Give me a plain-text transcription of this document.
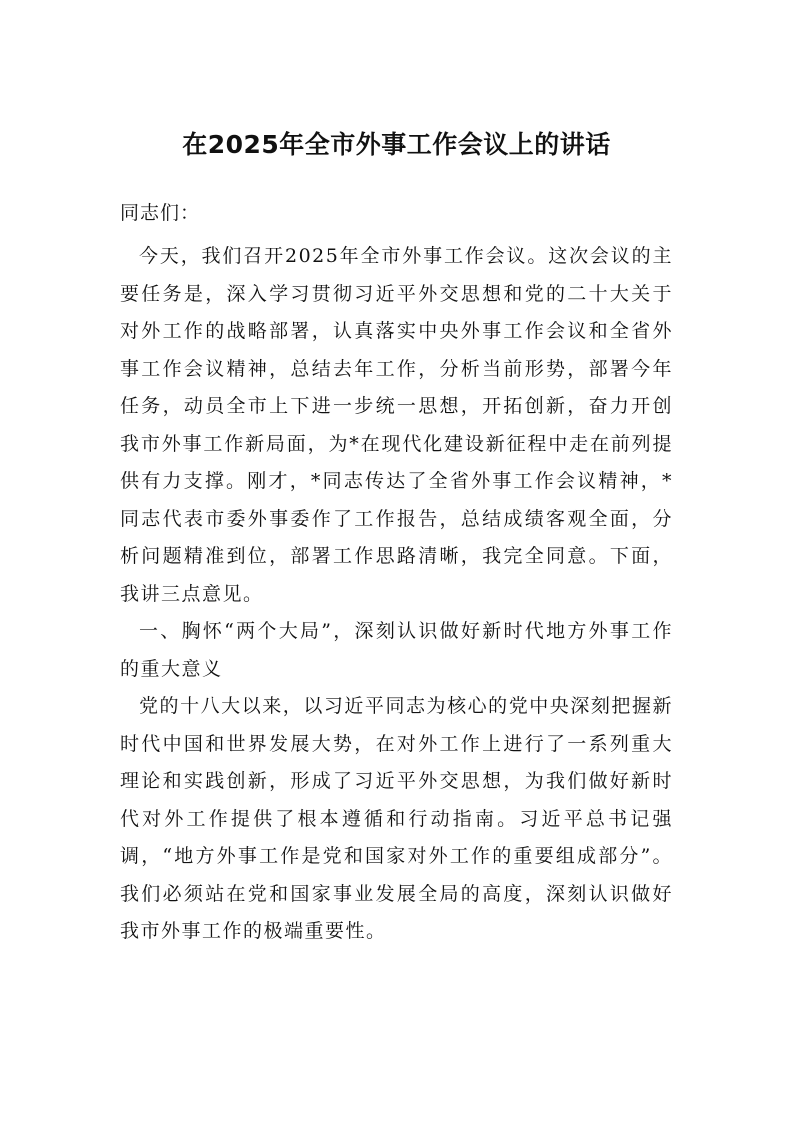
在2025年全市外事工作会议上的讲话
同志们：

今天，我们召开2025年全市外事工作会议。这次会议的主要任务是，深入学习贯彻习近平外交思想和党的二十大关于对外工作的战略部署，认真落实中央外事工作会议和全省外事工作会议精神，总结去年工作，分析当前形势，部署今年任务，动员全市上下进一步统一思想，开拓创新，奋力开创我市外事工作新局面，为*在现代化建设新征程中走在前列提供有力支撑。刚才，*同志传达了全省外事工作会议精神，*同志代表市委外事委作了工作报告，总结成绩客观全面，分析问题精准到位，部署工作思路清晰，我完全同意。下面，我讲三点意见。

一、胸怀“两个大局”，深刻认识做好新时代地方外事工作的重大意义

党的十八大以来，以习近平同志为核心的党中央深刻把握新时代中国和世界发展大势，在对外工作上进行了一系列重大理论和实践创新，形成了习近平外交思想，为我们做好新时代对外工作提供了根本遵循和行动指南。习近平总书记强调，“地方外事工作是党和国家对外工作的重要组成部分”。我们必须站在党和国家事业发展全局的高度，深刻认识做好我市外事工作的极端重要性。
